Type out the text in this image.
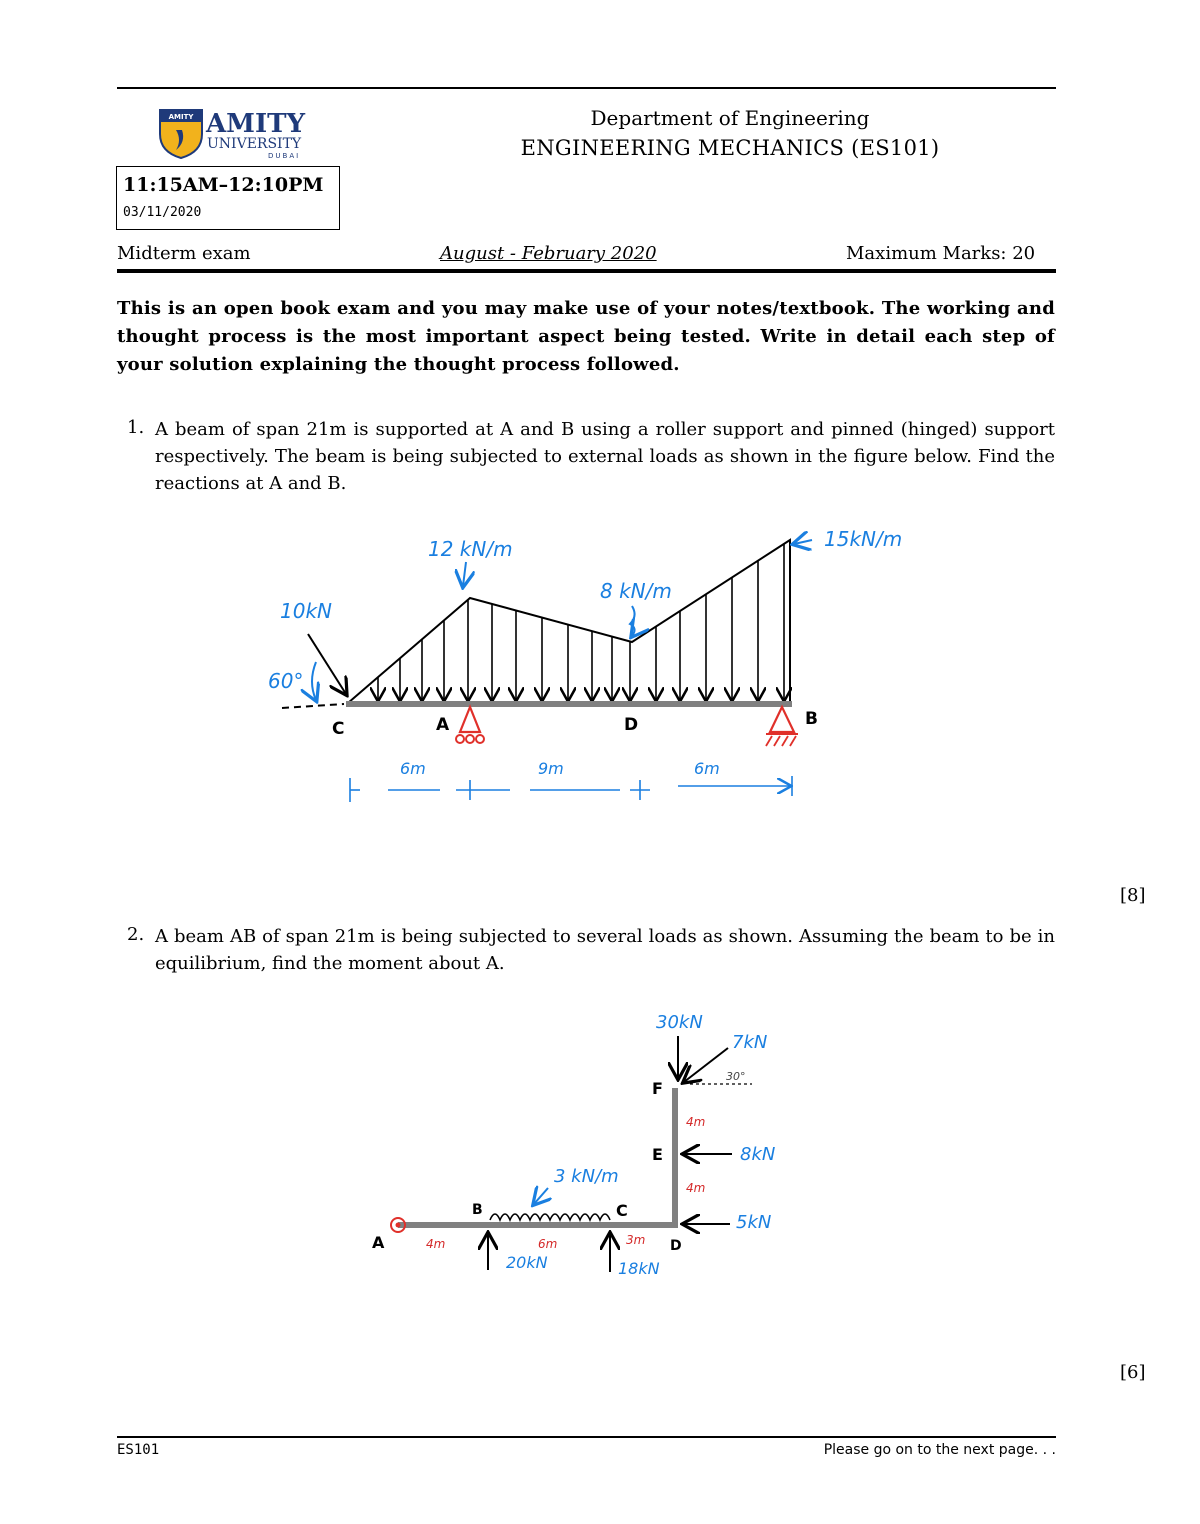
AMITY AMITY
UNIVERSITY
DUBAI
Department of Engineering
ENGINEERING MECHANICS (ES101)
11:15AM–12:10PM
03/11/2020
Midterm exam	August - February 2020	Maximum Marks: 20
This is an open book exam and you may make use of your notes/textbook. The working and thought process is the most important aspect being tested. Write in detail each step of your solution explaining the thought process followed.
1. A beam of span 21m is supported at A and B using a roller support and pinned (hinged) support respectively. The beam is being subjected to external loads as shown in the figure below. Find the reactions at A and B.
C	A	D	B
12 kN/m
8 kN/m
15kN/m
10kN
60°
6m	9m	6m
[8]
2. A beam AB of span 21m is being subjected to several loads as shown. Assuming the beam to be in equilibrium, find the moment about A.
A
B	C
D
E
F
30kN
7kN
30°
8kN
5kN
3 kN/m
20kN	18kN
4m	6m	3m
4m
4m
[6]
ES101	Please go on to the next page. . .
